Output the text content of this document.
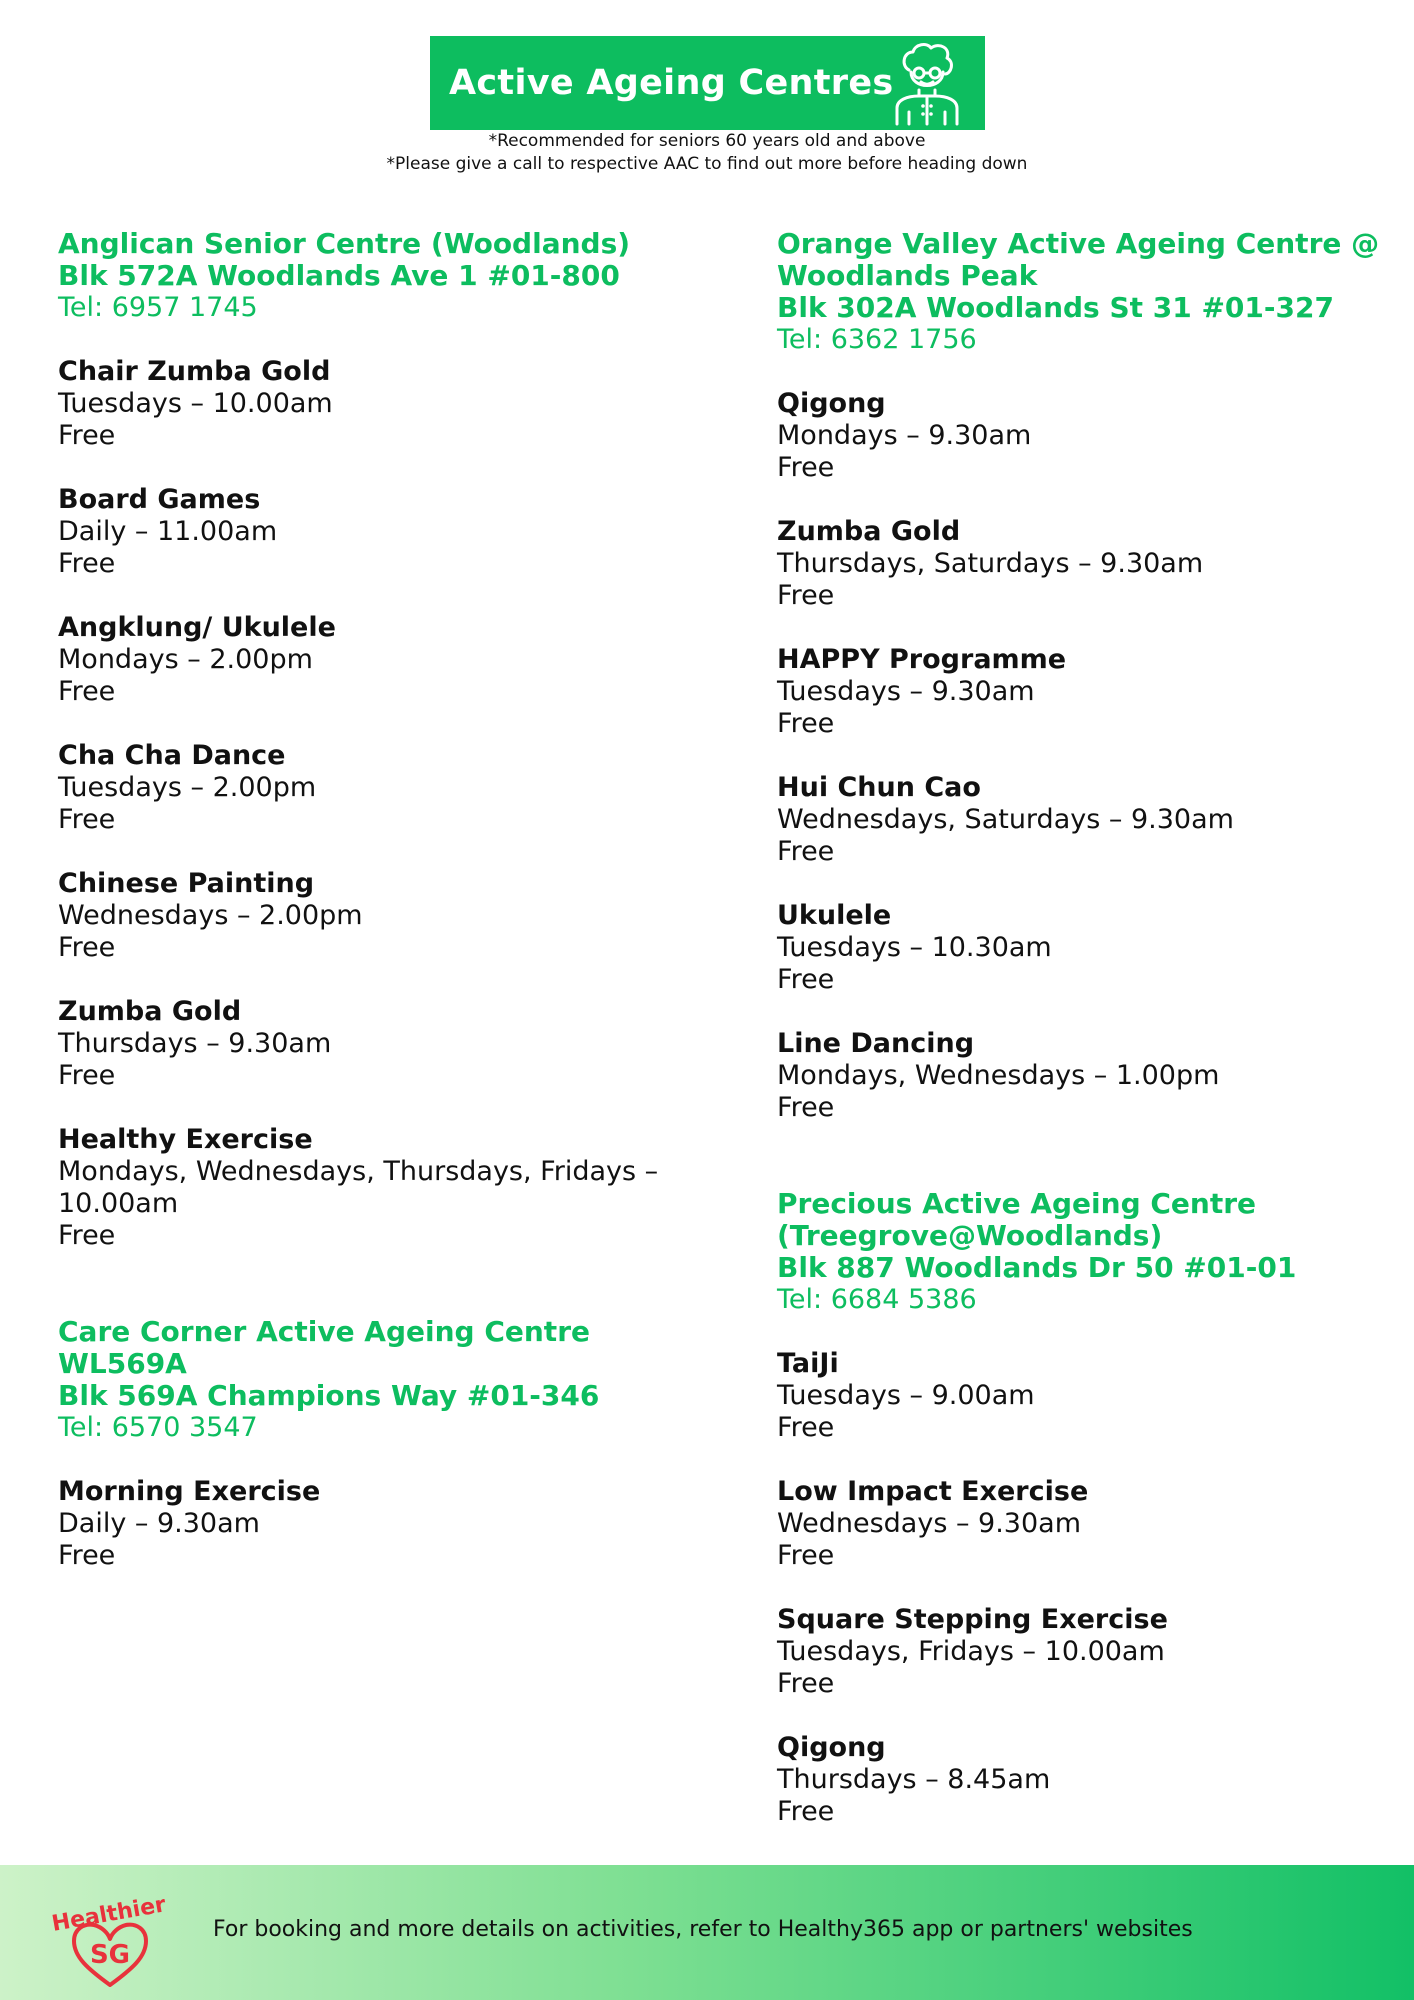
Active Ageing Centres
*Recommended for seniors 60 years old and above
*Please give a call to respective AAC to find out more before heading down
Anglican Senior Centre (Woodlands)
Blk 572A Woodlands Ave 1 #01-800
Tel: 6957 1745
Chair Zumba Gold
Tuesdays – 10.00am
Free
Board Games
Daily – 11.00am
Free
Angklung/ Ukulele
Mondays – 2.00pm
Free
Cha Cha Dance
Tuesdays – 2.00pm
Free
Chinese Painting
Wednesdays – 2.00pm
Free
Zumba Gold
Thursdays – 9.30am
Free
Healthy Exercise
Mondays, Wednesdays, Thursdays, Fridays – 10.00am
Free
Care Corner Active Ageing Centre WL569A
Blk 569A Champions Way #01-346
Tel: 6570 3547
Morning Exercise
Daily – 9.30am
Free
Orange Valley Active Ageing Centre @ Woodlands Peak
Blk 302A Woodlands St 31 #01-327
Tel: 6362 1756
Qigong
Mondays – 9.30am
Free
Zumba Gold
Thursdays, Saturdays – 9.30am
Free
HAPPY Programme
Tuesdays – 9.30am
Free
Hui Chun Cao
Wednesdays, Saturdays – 9.30am
Free
Ukulele
Tuesdays – 10.30am
Free
Line Dancing
Mondays, Wednesdays – 1.00pm
Free
Precious Active Ageing Centre (Treegrove@Woodlands)
Blk 887 Woodlands Dr 50 #01-01
Tel: 6684 5386
TaiJi
Tuesdays – 9.00am
Free
Low Impact Exercise
Wednesdays – 9.30am
Free
Square Stepping Exercise
Tuesdays, Fridays – 10.00am
Free
Qigong
Thursdays – 8.45am
Free
SG
Healthier For booking and more details on activities, refer to Healthy365 app or partners' websites
